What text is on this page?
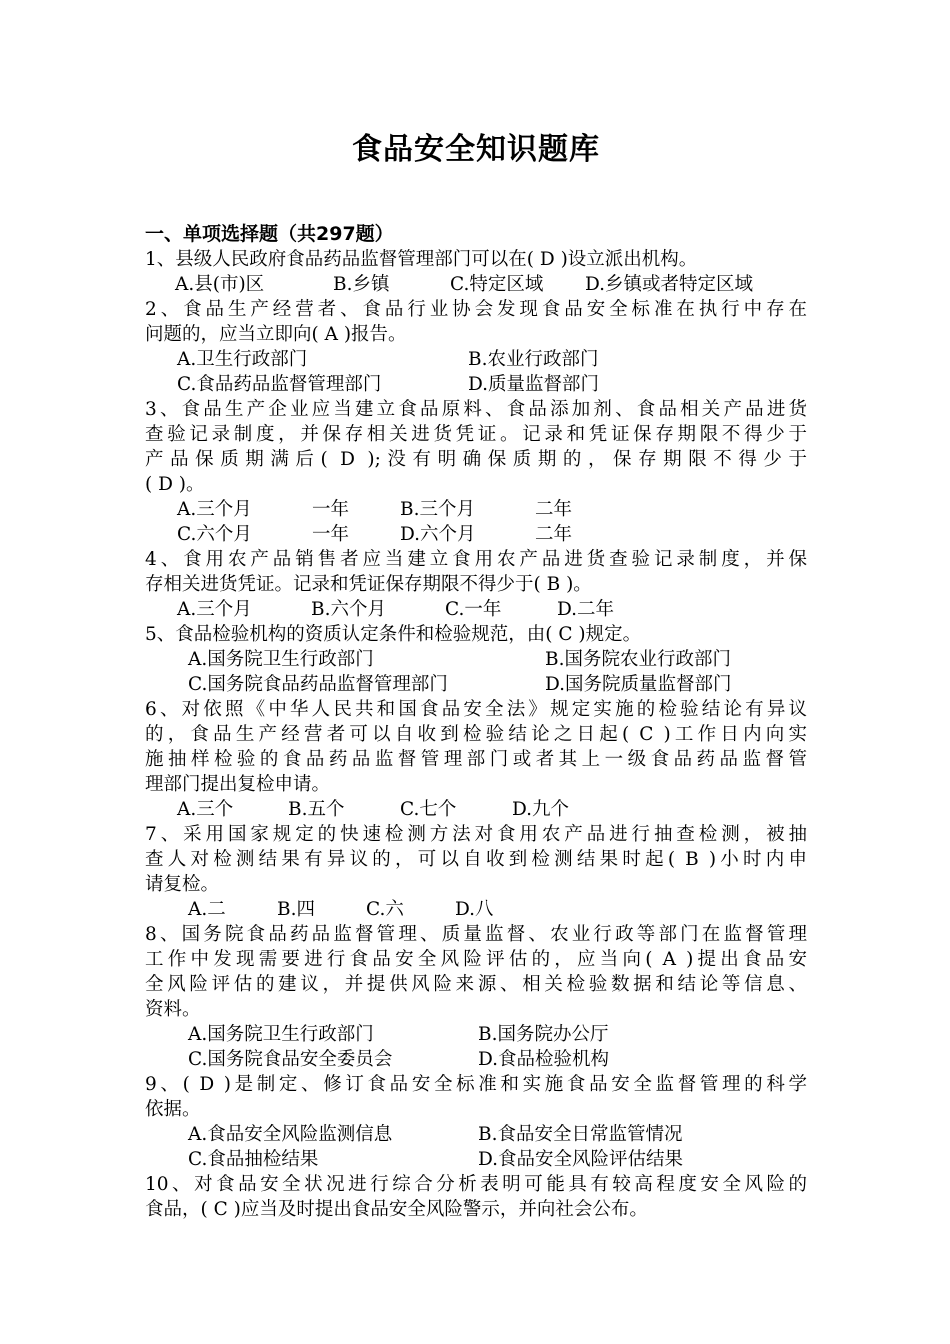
食品安全知识题库
一、单项选择题（共297题）
1、县级人民政府食品药品监督管理部门可以在( D )设立派出机构。
A.县(市)区	B.乡镇	C.特定区域 D.乡镇或者特定区域
2、食品生产经营者、食品行业协会发现食品安全标准在执行中存在
问题的，应当立即向( A )报告。
A.卫生行政部门	B.农业行政部门
C.食品药品监督管理部门	D.质量监督部门
3、食品生产企业应当建立食品原料、食品添加剂、食品相关产品进货
查验记录制度，并保存相关进货凭证。记录和凭证保存期限不得少于
产品保质期满后( D );没有明确保质期的，保存期限不得少于
( D )。
A.三个月	一年	B.三个月	二年
C.六个月	一年	D.六个月	二年
4、食用农产品销售者应当建立食用农产品进货查验记录制度，并保
存相关进货凭证。记录和凭证保存期限不得少于( B )。
A.三个月	B.六个月	C.一年	D.二年
5、食品检验机构的资质认定条件和检验规范，由( C )规定。
A.国务院卫生行政部门	B.国务院农业行政部门
C.国务院食品药品监督管理部门	D.国务院质量监督部门
6、对依照《中华人民共和国食品安全法》规定实施的检验结论有异议
的，食品生产经营者可以自收到检验结论之日起( C )工作日内向实
施抽样检验的食品药品监督管理部门或者其上一级食品药品监督管
理部门提出复检申请。
A.三个	B.五个	C.七个	D.九个
7、采用国家规定的快速检测方法对食用农产品进行抽查检测，被抽
查人对检测结果有异议的，可以自收到检测结果时起( B )小时内申
请复检。
A.二	B.四	C.六	D.八
8、国务院食品药品监督管理、质量监督、农业行政等部门在监督管理
工作中发现需要进行食品安全风险评估的，应当向( A )提出食品安
全风险评估的建议，并提供风险来源、相关检验数据和结论等信息、
资料。
A.国务院卫生行政部门	B.国务院办公厅
C.国务院食品安全委员会	D.食品检验机构
9、( D )是制定、修订食品安全标准和实施食品安全监督管理的科学
依据。
A.食品安全风险监测信息	B.食品安全日常监管情况
C.食品抽检结果	D.食品安全风险评估结果
10、对食品安全状况进行综合分析表明可能具有较高程度安全风险的
食品，( C )应当及时提出食品安全风险警示，并向社会公布。
